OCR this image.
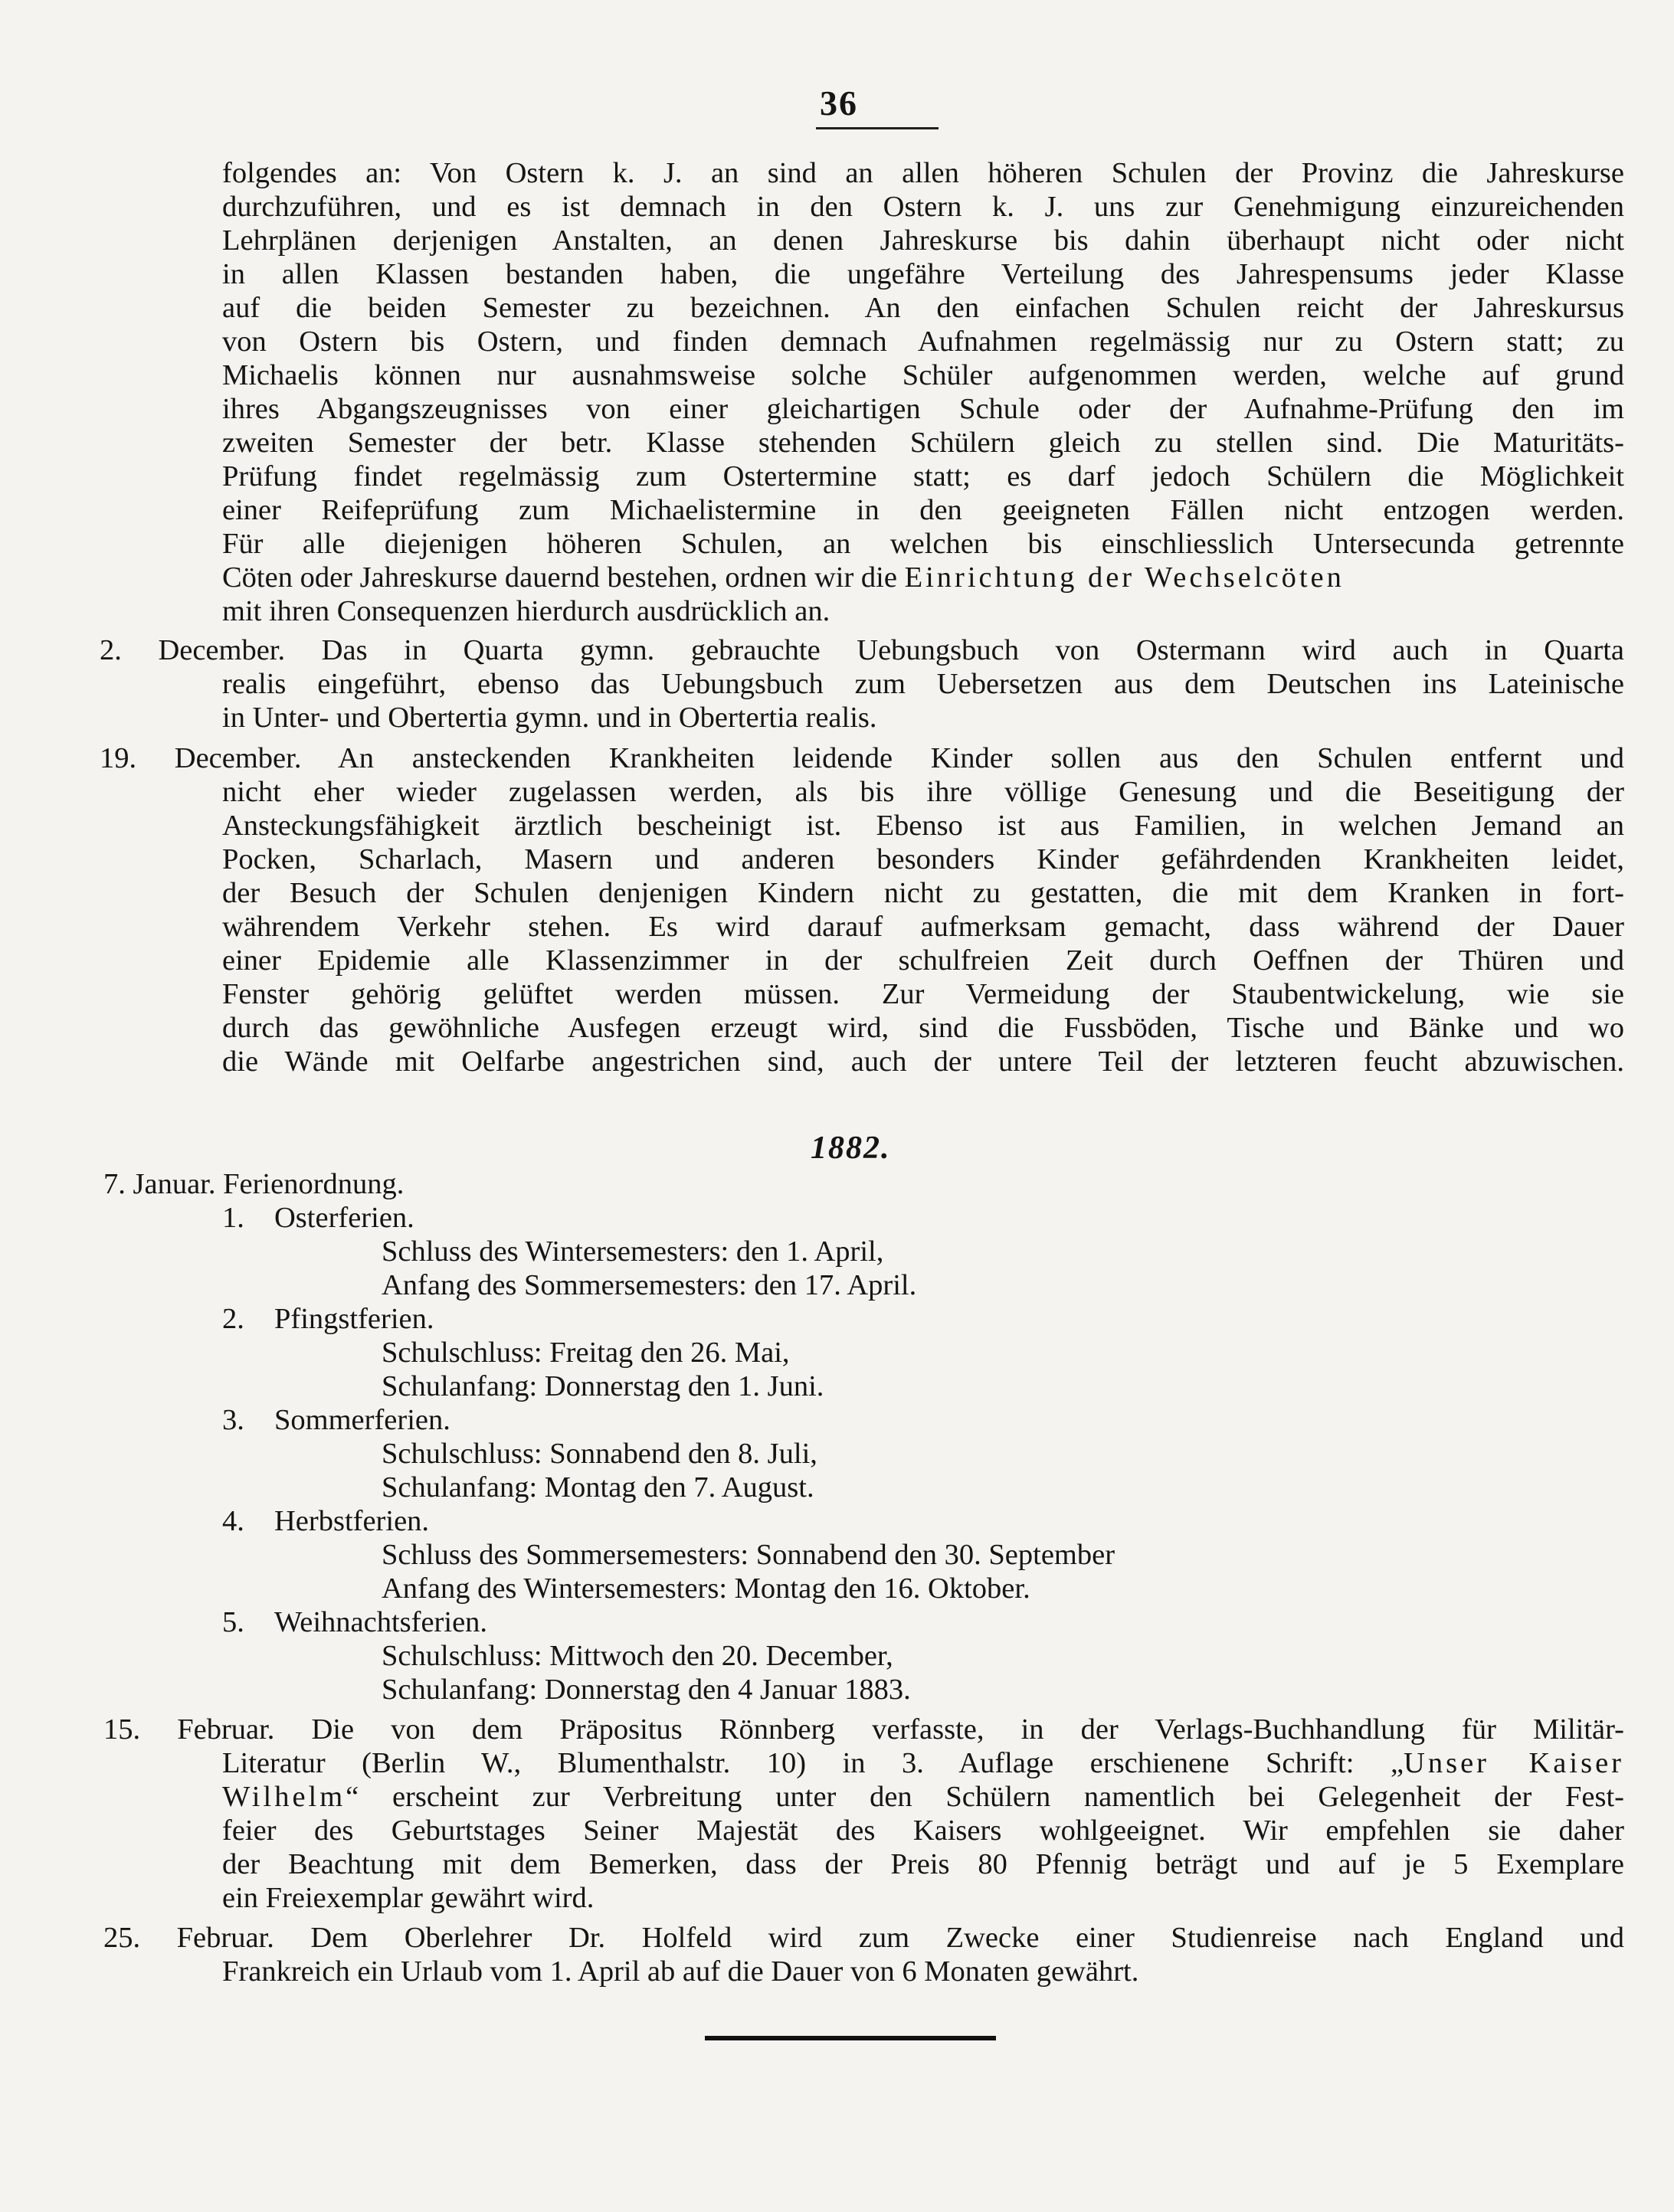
36
folgendes an: Von Ostern k. J. an sind an allen höheren Schulen der Provinz die Jahreskurse
durchzuführen, und es ist demnach in den Ostern k. J. uns zur Genehmigung einzureichenden
Lehrplänen derjenigen Anstalten, an denen Jahreskurse bis dahin überhaupt nicht oder nicht
in allen Klassen bestanden haben, die ungefähre Verteilung des Jahrespensums jeder Klasse
auf die beiden Semester zu bezeichnen. An den einfachen Schulen reicht der Jahreskursus
von Ostern bis Ostern, und finden demnach Aufnahmen regelmässig nur zu Ostern statt; zu
Michaelis können nur ausnahmsweise solche Schüler aufgenommen werden, welche auf grund
ihres Abgangszeugnisses von einer gleichartigen Schule oder der Aufnahme-Prüfung den im
zweiten Semester der betr. Klasse stehenden Schülern gleich zu stellen sind. Die Maturitäts-
Prüfung findet regelmässig zum Ostertermine statt; es darf jedoch Schülern die Möglichkeit
einer Reifeprüfung zum Michaelistermine in den geeigneten Fällen nicht entzogen werden.
Für alle diejenigen höheren Schulen, an welchen bis einschliesslich Untersecunda getrennte
Cöten oder Jahreskurse dauernd bestehen, ordnen wir die Einrichtung der Wechselcöten
mit ihren Consequenzen hierdurch ausdrücklich an.
2. December. Das in Quarta gymn. gebrauchte Uebungsbuch von Ostermann wird auch in Quarta
realis eingeführt, ebenso das Uebungsbuch zum Uebersetzen aus dem Deutschen ins Lateinische
in Unter- und Obertertia gymn. und in Obertertia realis.
19. December. An ansteckenden Krankheiten leidende Kinder sollen aus den Schulen entfernt und
nicht eher wieder zugelassen werden, als bis ihre völlige Genesung und die Beseitigung der
Ansteckungsfähigkeit ärztlich bescheinigt ist. Ebenso ist aus Familien, in welchen Jemand an
Pocken, Scharlach, Masern und anderen besonders Kinder gefährdenden Krankheiten leidet,
der Besuch der Schulen denjenigen Kindern nicht zu gestatten, die mit dem Kranken in fort-
währendem Verkehr stehen. Es wird darauf aufmerksam gemacht, dass während der Dauer
einer Epidemie alle Klassenzimmer in der schulfreien Zeit durch Oeffnen der Thüren und
Fenster gehörig gelüftet werden müssen. Zur Vermeidung der Staubentwickelung, wie sie
durch das gewöhnliche Ausfegen erzeugt wird, sind die Fussböden, Tische und Bänke und wo
die Wände mit Oelfarbe angestrichen sind, auch der untere Teil der letzteren feucht abzuwischen.
1882.
7. Januar. Ferienordnung.
1. Osterferien.
Schluss des Wintersemesters: den 1. April,
Anfang des Sommersemesters: den 17. April.
2. Pfingstferien.
Schulschluss: Freitag den 26. Mai,
Schulanfang: Donnerstag den 1. Juni.
3. Sommerferien.
Schulschluss: Sonnabend den 8. Juli,
Schulanfang: Montag den 7. August.
4. Herbstferien.
Schluss des Sommersemesters: Sonnabend den 30. September
Anfang des Wintersemesters: Montag den 16. Oktober.
5. Weihnachtsferien.
Schulschluss: Mittwoch den 20. December,
Schulanfang: Donnerstag den 4 Januar 1883.
15. Februar. Die von dem Präpositus Rönnberg verfasste, in der Verlags-Buchhandlung für Militär-
Literatur (Berlin W., Blumenthalstr. 10) in 3. Auflage erschienene Schrift: „Unser Kaiser
Wilhelm“ erscheint zur Verbreitung unter den Schülern namentlich bei Gelegenheit der Fest-
feier des Geburtstages Seiner Majestät des Kaisers wohlgeeignet. Wir empfehlen sie daher
der Beachtung mit dem Bemerken, dass der Preis 80 Pfennig beträgt und auf je 5 Exemplare
ein Freiexemplar gewährt wird.
25. Februar. Dem Oberlehrer Dr. Holfeld wird zum Zwecke einer Studienreise nach England und
Frankreich ein Urlaub vom 1. April ab auf die Dauer von 6 Monaten gewährt.
